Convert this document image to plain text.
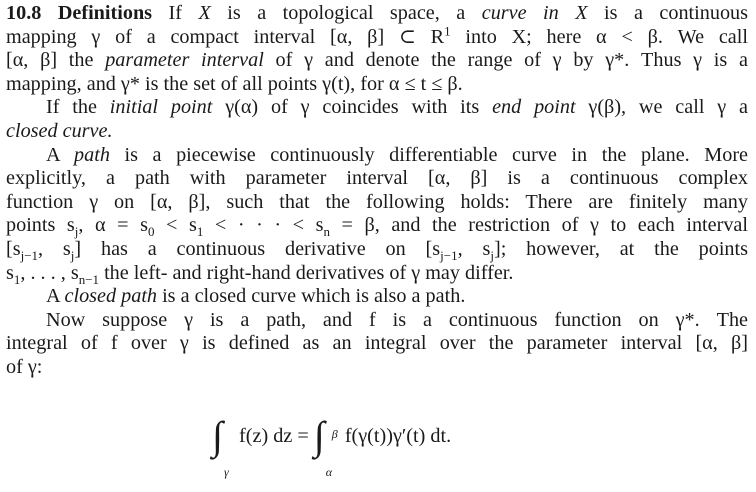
10.8 Definitions If X is a topological space, a curve in X is a continuous
mapping γ of a compact interval [α, β] ⊂ $R^1$ into X; here α < β. We call
[α, β] the parameter interval of γ and denote the range of γ by γ*. Thus γ is a
mapping, and γ* is the set of all points γ(t), for α ≤ t ≤ β.
If the initial point γ(α) of γ coincides with its end point γ(β), we call γ a
closed curve.
A path is a piecewise continuously differentiable curve in the plane. More
explicitly, a path with parameter interval [α, β] is a continuous complex
function γ on [α, β], such that the following holds: There are finitely many
points $s_j$, $\alpha = s_0 < s_1$ < · · · < $s_n = \beta$, and the restriction of γ to each interval
[$s_{j-1}$, $s_j$] has a continuous derivative on [$s_{j-1}$, $s_j$]; however, at the points
$s_1$, . . . , $s_{n-1}$ the left- and right-hand derivatives of γ may differ.
A closed path is a closed curve which is also a path.
Now suppose γ is a path, and f is a continuous function on γ*. The
integral of f over γ is defined as an integral over the parameter interval [α, β]
of γ:
∫
γ
f(z) dz = ∫ β
α
f(γ(t))γ′(t) dt.
